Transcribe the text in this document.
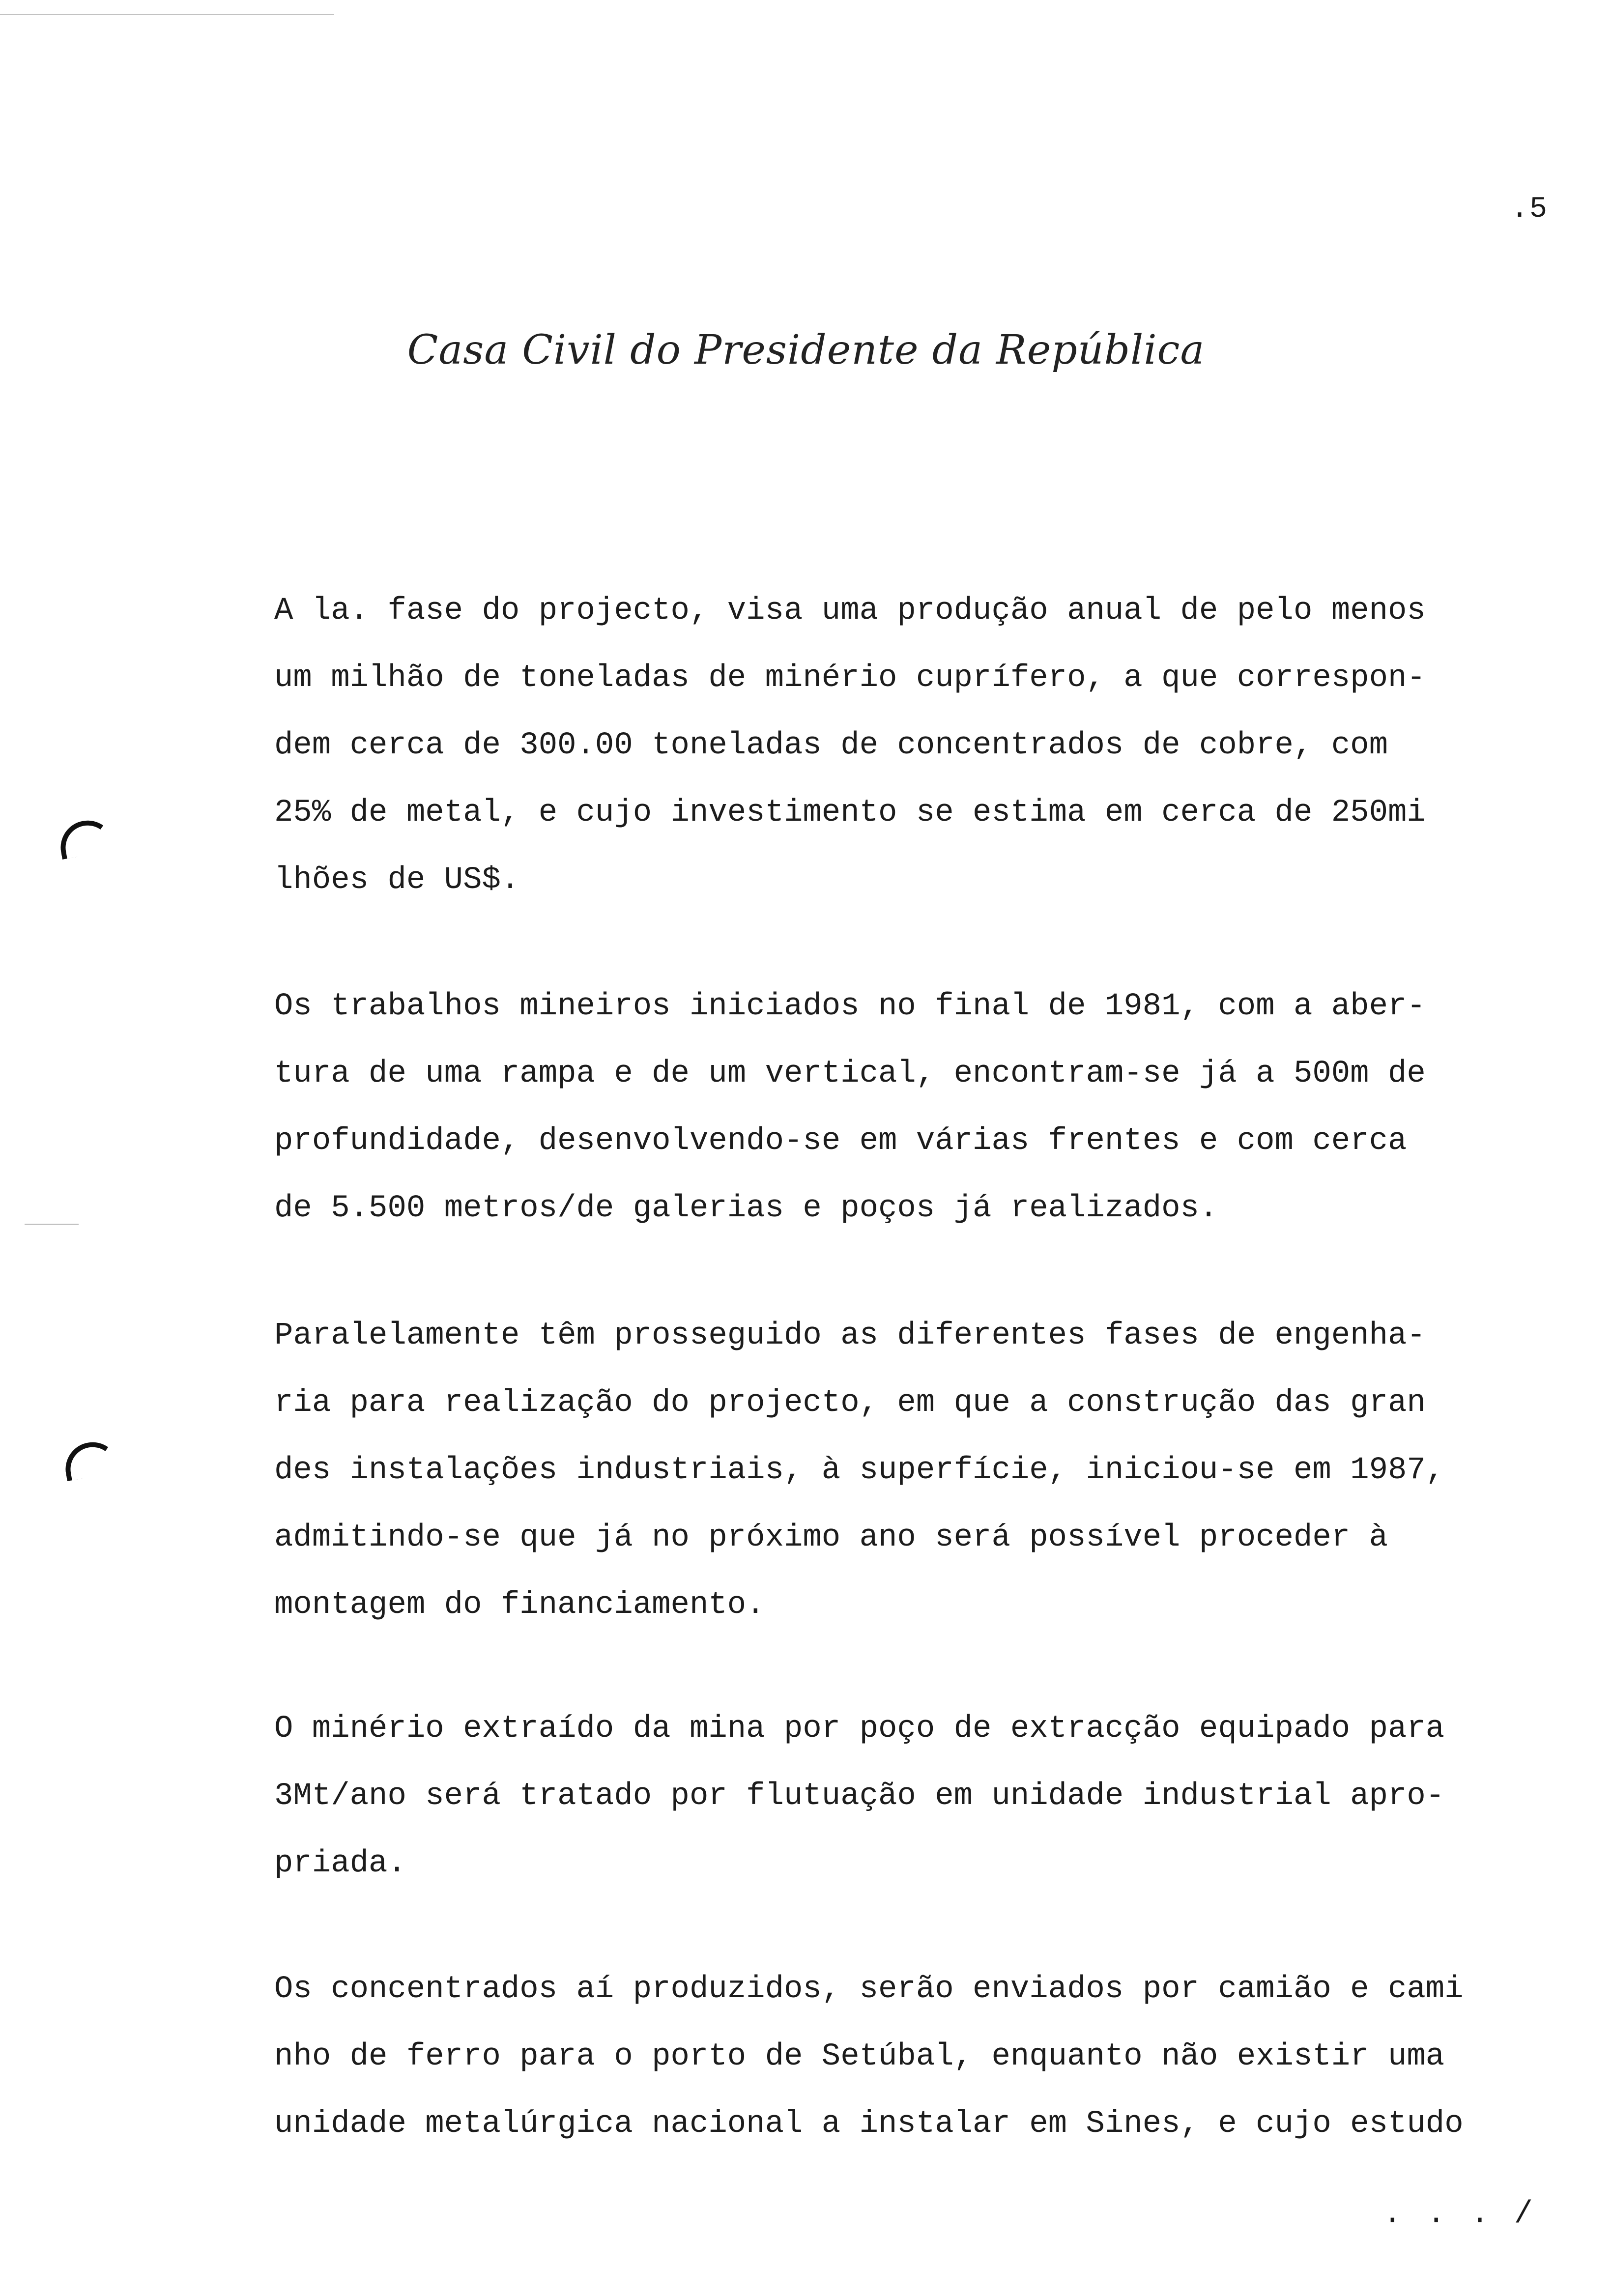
.5
Casa Civil do Presidente da República
A la. fase do projecto, visa uma produção anual de pelo menos
um milhão de toneladas de minério cuprífero, a que correspon-
dem cerca de 300.00 toneladas de concentrados de cobre, com
25% de metal, e cujo investimento se estima em cerca de 250mi
lhões de US$.
Os trabalhos mineiros iniciados no final de 1981, com a aber-
tura de uma rampa e de um vertical, encontram-se já a 500m de
profundidade, desenvolvendo-se em várias frentes e com cerca
de 5.500 metros/de galerias e poços já realizados.
Paralelamente têm prosseguido as diferentes fases de engenha-
ria para realização do projecto, em que a construção das gran
des instalações industriais, à superfície, iniciou-se em 1987,
admitindo-se que já no próximo ano será possível proceder à
montagem do financiamento.
O minério extraído da mina por poço de extracção equipado para
3Mt/ano será tratado por flutuação em unidade industrial apro-
priada.
Os concentrados aí produzidos, serão enviados por camião e cami
nho de ferro para o porto de Setúbal, enquanto não existir uma
unidade metalúrgica nacional a instalar em Sines, e cujo estudo
. . . /
